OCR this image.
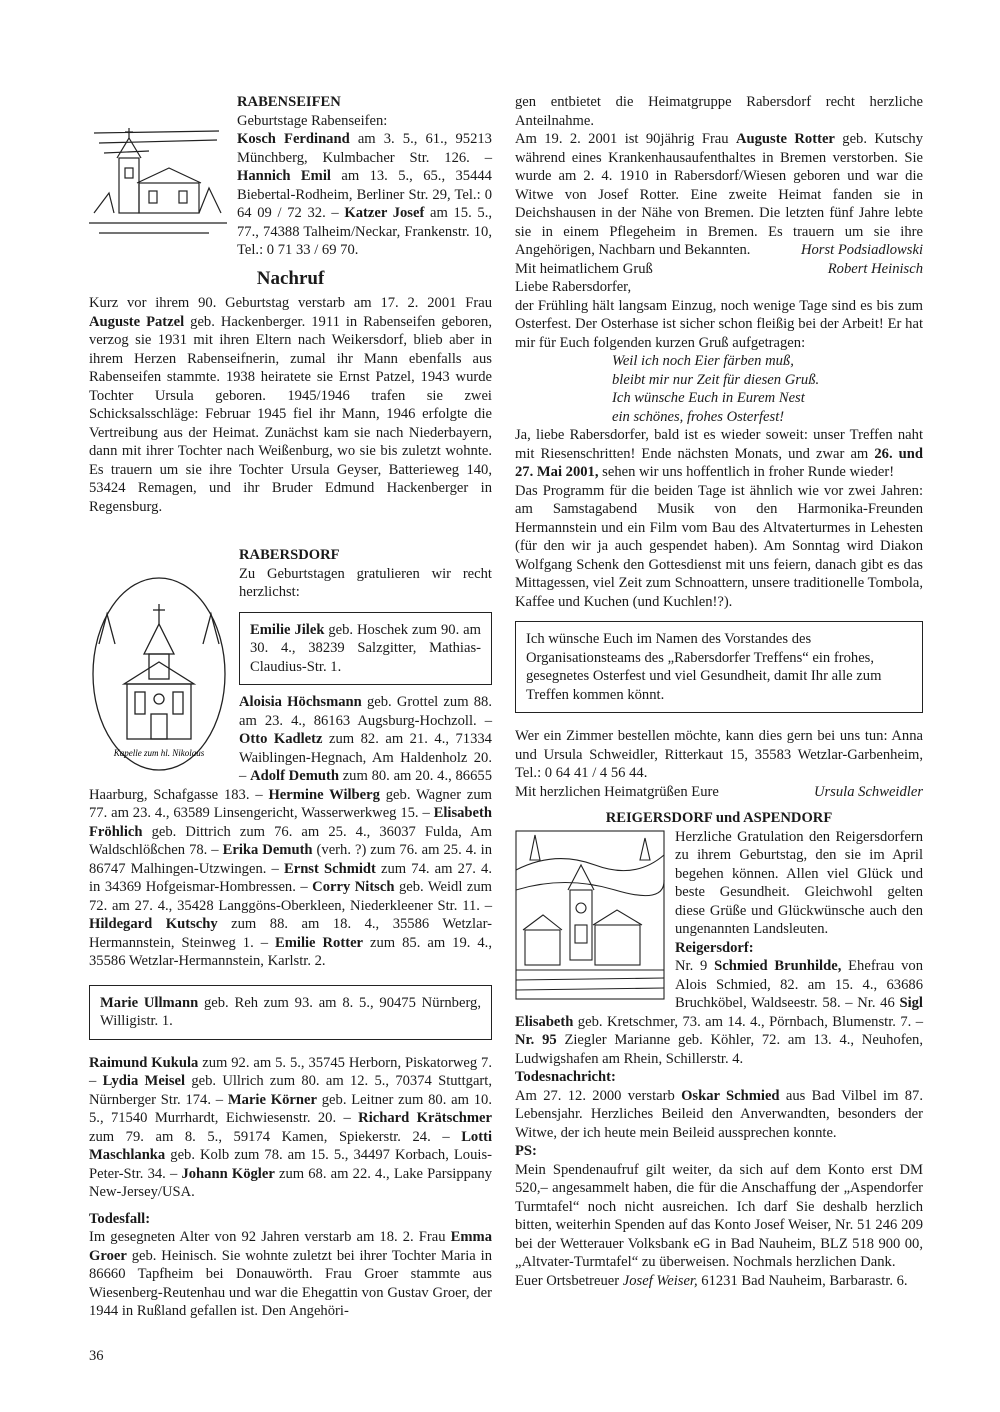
RABENSEIFEN

Geburtstage Rabenseifen:

Kosch Ferdinand am 3. 5., 61., 95213 Münchberg, Kulmbacher Str. 126. – Hannich Emil am 13. 5., 65., 35444 Biebertal-Rodheim, Berliner Str. 29, Tel.: 0 64 09 / 72 32. – Katzer Josef am 15. 5., 77., 74388 Talheim/Neckar, Frankenstr. 10, Tel.: 0 71 33 / 69 70.

Nachruf

Kurz vor ihrem 90. Geburtstag verstarb am 17. 2. 2001 Frau Auguste Patzel geb. Hackenberger. 1911 in Rabenseifen geboren, verzog sie 1931 mit ihren Eltern nach Weikersdorf, blieb aber in ihrem Herzen Rabenseifnerin, zumal ihr Mann ebenfalls aus Rabenseifen stammte. 1938 heiratete sie Ernst Patzel, 1943 wurde Tochter Ursula geboren. 1945/1946 trafen sie zwei Schicksalsschläge: Februar 1945 fiel ihr Mann, 1946 erfolgte die Vertreibung aus der Heimat. Zunächst kam sie nach Niederbayern, dann mit ihrer Tochter nach Weißenburg, wo sie bis zuletzt wohnte. Es trauern um sie ihre Tochter Ursula Geyser, Batterieweg 140, 53424 Remagen, und ihr Bruder Edmund Hackenberger in Regensburg.

Kapelle zum hl. Nikolaus

RABERSDORF

Zu Geburtstagen gratulieren wir recht herzlichst:

Emilie Jilek geb. Hoschek zum 90. am 30. 4., 38239 Salzgitter, Mathias-Claudius-Str. 1.

Aloisia Höchsmann geb. Grottel zum 88. am 23. 4., 86163 Augsburg-Hochzoll. – Otto Kadletz zum 82. am 21. 4., 71334 Waiblingen-Hegnach, Am Haldenholz 20. – Adolf Demuth zum 80. am 20. 4., 86655 Haarburg, Schafgasse 183. – Hermine Wilberg geb. Wagner zum 77. am 23. 4., 63589 Linsengericht, Wasserwerkweg 15. – Elisabeth Fröhlich geb. Dittrich zum 76. am 25. 4., 36037 Fulda, Am Waldschlößchen 78. – Erika Demuth (verh. ?) zum 76. am 25. 4. in 86747 Malhingen-Utzwingen. – Ernst Schmidt zum 74. am 27. 4. in 34369 Hofgeismar-Hombressen. – Corry Nitsch geb. Weidl zum 72. am 27. 4., 35428 Langgöns-Oberkleen, Niederkleener Str. 11. – Hildegard Kutschy zum 88. am 18. 4., 35586 Wetzlar-Hermannstein, Steinweg 1. – Emilie Rotter zum 85. am 19. 4., 35586 Wetzlar-Hermannstein, Karlstr. 2.

Marie Ullmann geb. Reh zum 93. am 8. 5., 90475 Nürnberg, Willigistr. 1.

Raimund Kukula zum 92. am 5. 5., 35745 Herborn, Piskatorweg 7. – Lydia Meisel geb. Ullrich zum 80. am 12. 5., 70374 Stuttgart, Nürnberger Str. 174. – Marie Körner geb. Leitner zum 80. am 10. 5., 71540 Murrhardt, Eichwiesenstr. 20. – Richard Krätschmer zum 79. am 8. 5., 59174 Kamen, Spiekerstr. 24. – Lotti Maschlanka geb. Kolb zum 78. am 15. 5., 34497 Korbach, Louis-Peter-Str. 34. – Johann Kögler zum 68. am 22. 4., Lake Parsippany New-Jersey/USA.

Todesfall:

Im gesegneten Alter von 92 Jahren verstarb am 18. 2. Frau Emma Groer geb. Heinisch. Sie wohnte zuletzt bei ihrer Tochter Maria in 86660 Tapfheim bei Donauwörth. Frau Groer stammte aus Wiesenberg-Reutenhau und war die Ehegattin von Gustav Groer, der 1944 in Rußland gefallen ist. Den Angehöri-

gen entbietet die Heimatgruppe Rabersdorf recht herzliche Anteilnahme.

Am 19. 2. 2001 ist 90jährig Frau Auguste Rotter geb. Kutschy während eines Krankenhausaufenthaltes in Bremen verstorben. Sie wurde am 2. 4. 1910 in Rabersdorf/Wiesen geboren und war die Witwe von Josef Rotter. Eine zweite Heimat fanden sie in Deichshausen in der Nähe von Bremen. Die letzten fünf Jahre lebte sie in einem Pflegeheim in Bremen. Es trauern um sie ihre Angehörigen, Nachbarn und Bekannten.	Horst Podsiadlowski

Mit heimatlichem Gruß	Robert Heinisch

Liebe Rabersdorfer,

der Frühling hält langsam Einzug, noch wenige Tage sind es bis zum Osterfest. Der Osterhase ist sicher schon fleißig bei der Arbeit! Er hat mir für Euch folgenden kurzen Gruß aufgetragen:

Weil ich noch Eier färben muß,

bleibt mir nur Zeit für diesen Gruß.

Ich wünsche Euch in Eurem Nest

ein schönes, frohes Osterfest!

Ja, liebe Rabersdorfer, bald ist es wieder soweit: unser Treffen naht mit Riesenschritten! Ende nächsten Monats, und zwar am 26. und 27. Mai 2001, sehen wir uns hoffentlich in froher Runde wieder!

Das Programm für die beiden Tage ist ähnlich wie vor zwei Jahren: am Samstagabend Musik von den Harmonika-Freunden Hermannstein und ein Film vom Bau des Altvaterturmes in Lehesten (für den wir ja auch gespendet haben). Am Sonntag wird Diakon Wolfgang Schenk den Gottesdienst mit uns feiern, danach gibt es das Mittagessen, viel Zeit zum Schnoattern, unsere traditionelle Tombola, Kaffee und Kuchen (und Kuchlen!?).

Ich wünsche Euch im Namen des Vorstandes des Organisationsteams des „Rabersdorfer Treffens“ ein frohes, gesegnetes Osterfest und viel Gesundheit, damit Ihr alle zum Treffen kommen könnt.

Wer ein Zimmer bestellen möchte, kann dies gern bei uns tun: Anna und Ursula Schweidler, Ritterkaut 15, 35583 Wetzlar-Garbenheim, Tel.: 0 64 41 / 4 56 44.

Mit herzlichen Heimatgrüßen Eure	Ursula Schweidler

REIGERSDORF und ASPENDORF

Herzliche Gratulation den Reigersdorfern zu ihrem Geburtstag, den sie im April begehen können. Allen viel Glück und beste Gesundheit. Gleichwohl gelten diese Grüße und Glückwünsche auch den ungenannten Landsleuten.

Reigersdorf:

Nr. 9 Schmied Brunhilde, Ehefrau von Alois Schmied, 82. am 15. 4., 63686 Bruchköbel, Waldseestr. 58. – Nr. 46 Sigl Elisabeth geb. Kretschmer, 73. am 14. 4., Pörnbach, Blumenstr. 7. – Nr. 95 Ziegler Marianne geb. Köhler, 72. am 13. 4., Neuhofen, Ludwigshafen am Rhein, Schillerstr. 4.

Todesnachricht:

Am 27. 12. 2000 verstarb Oskar Schmied aus Bad Vilbel im 87. Lebensjahr. Herzliches Beileid den Anverwandten, besonders der Witwe, der ich heute mein Beileid aussprechen konnte.

PS:

Mein Spendenaufruf gilt weiter, da sich auf dem Konto erst DM 520,– angesammelt haben, die für die Anschaffung der „Aspendorfer Turmtafel“ noch nicht ausreichen. Ich darf Sie deshalb herzlich bitten, weiterhin Spenden auf das Konto Josef Weiser, Nr. 51 246 209 bei der Wetterauer Volksbank eG in Bad Nauheim, BLZ 518 900 00, „Altvater-Turmtafel“ zu überweisen. Nochmals herzlichen Dank.

Euer Ortsbetreuer Josef Weiser, 61231 Bad Nauheim, Barbarastr. 6.

36
